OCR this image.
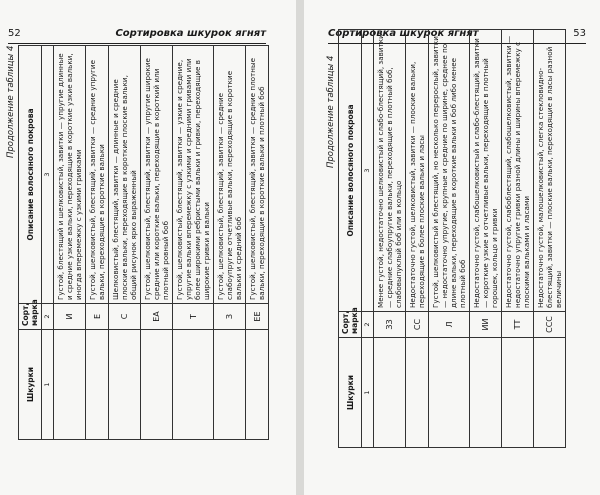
52	Сортировка шкурок ягнят
Продолжение таблицы 4
Шкурки	Сорт, марка	Описание волосяного покрова
1	2	3
	И	Густой, блестящий и шелковистый, завитки — упругие длинные и средние узкие вальки, переходящие в короткие узкие вальки, иногда вперемежку с узкими гривками
	Е	Густой, шелковистый, блестящий, завитки — средние упругие вальки, переходящие в короткие вальки
	С	Шелковистый, блестящий, завитки — длинные и средние плоские вальки, переходящие в короткие плоские вальки, общий рисунок ярко выраженный
	ЕА	Густой, шелковистый, блестящий, завитки — упругие широкие средние или короткие вальки, переходящие в короткий или плотный ровный боб
	Т	Густой, шелковистый, блестящий, завитки — узкие и средние, упругие вальки вперемежку с узкими и средними гривами или более широкими ребристыми вальки и гривки, переходящие в широкие гривки и вальки
	З	Густой, шелковистый, блестящий, завитки — средние слабоупругие отчетливые вальки, переходящие в короткие вальки и средний боб
	ЕЕ	Густой, шелковистый, блестящий, завитки — средние плотные вальки, переходящие в короткие вальки и плотный боб
Сортировка шкурок ягнят	53
Продолжение таблицы 4
Шкурки	Сорт, марка	Описание волосяного покрова
1	2	3
	ЗЗ	Менее густой, недостаточно шелковистый и слабо-блестящий, завитки — средние слабоупругие вальки, переходящие в плотный боб, слабовыпуклый боб или в кольцо
	СС	Недостаточно густой, шелковистый, завитки — плоские вальки, переходящие в более плоские вальки и ласы
	Л	Густой, шелковистый и блестящий, но несколько перерослый, завитки — недостаточно упругие, крупные и средние по ширине, среднее по длине вальки, переходящие в короткие вальки и боб либо менее плотный боб
	ИИ	Недостаточно густой, слабошелковистый и слабо-блестящий, завитки — короткие узкие и отчетливые вальки, переходящие в плотный горошек, кольцо и гривки
	ТТ	Недостаточно густой, слабоблестящий, слабошелковистый, завитки — недостаточно упругие гривки разной длины и ширины вперемежку с плоскими вальками и ласами
	ССС	Недостаточно густой, малошелковистый, слегка стекловидно-блестящий, завитки — плоские вальки, переходящие в ласы разной величины
